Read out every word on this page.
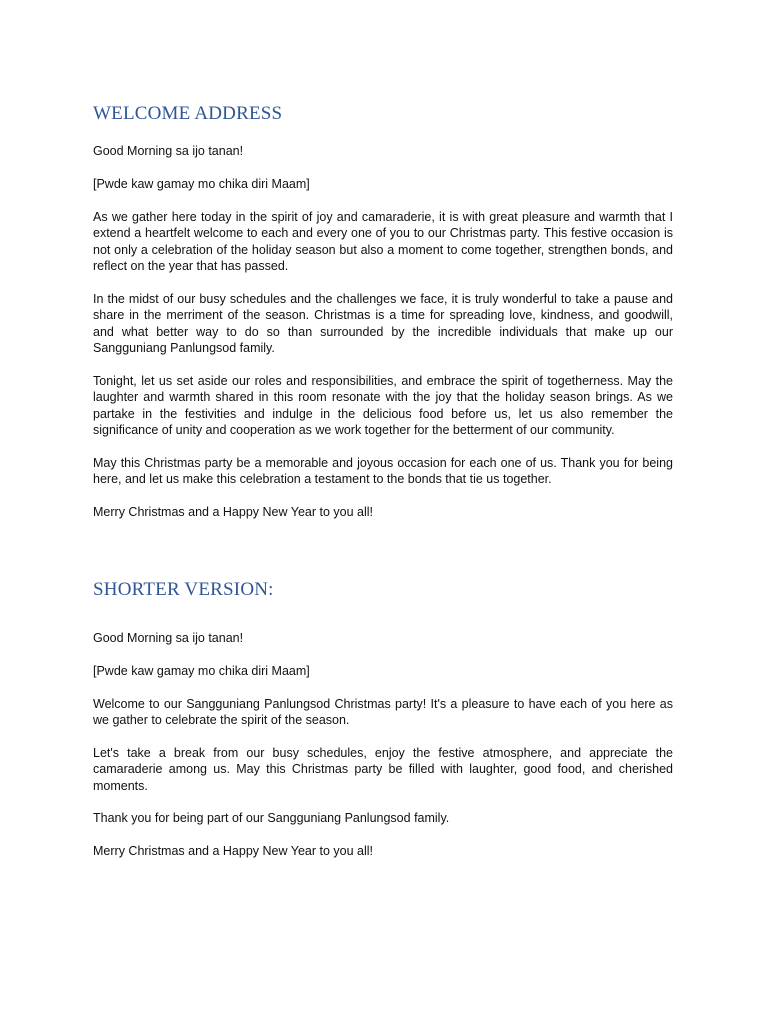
WELCOME ADDRESS

Good Morning sa ijo tanan!

[Pwde kaw gamay mo chika diri Maam]

As we gather here today in the spirit of joy and camaraderie, it is with great pleasure and warmth that I extend a heartfelt welcome to each and every one of you to our Christmas party. This festive occasion is not only a celebration of the holiday season but also a moment to come together, strengthen bonds, and reflect on the year that has passed.

In the midst of our busy schedules and the challenges we face, it is truly wonderful to take a pause and share in the merriment of the season. Christmas is a time for spreading love, kindness, and goodwill, and what better way to do so than surrounded by the incredible individuals that make up our Sangguniang Panlungsod family.

Tonight, let us set aside our roles and responsibilities, and embrace the spirit of togetherness. May the laughter and warmth shared in this room resonate with the joy that the holiday season brings. As we partake in the festivities and indulge in the delicious food before us, let us also remember the significance of unity and cooperation as we work together for the betterment of our community.

May this Christmas party be a memorable and joyous occasion for each one of us. Thank you for being here, and let us make this celebration a testament to the bonds that tie us together.

Merry Christmas and a Happy New Year to you all!

SHORTER VERSION:

Good Morning sa ijo tanan!

[Pwde kaw gamay mo chika diri Maam]

Welcome to our Sangguniang Panlungsod Christmas party! It's a pleasure to have each of you here as we gather to celebrate the spirit of the season.

Let's take a break from our busy schedules, enjoy the festive atmosphere, and appreciate the camaraderie among us. May this Christmas party be filled with laughter, good food, and cherished moments.

Thank you for being part of our Sangguniang Panlungsod family.

Merry Christmas and a Happy New Year to you all!
